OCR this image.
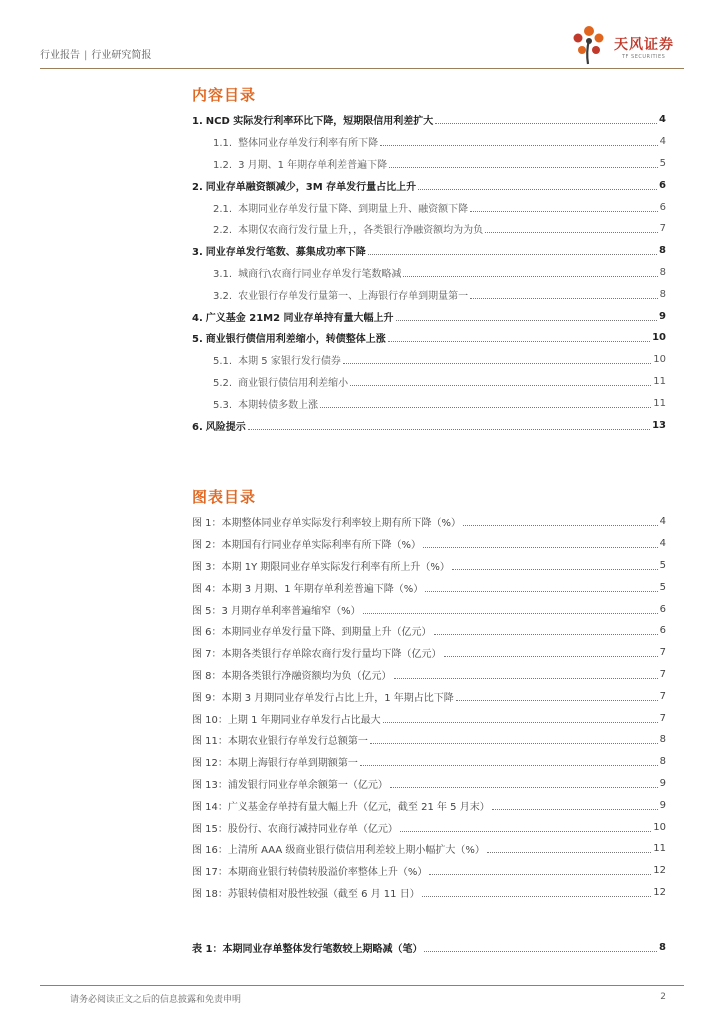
行业报告 | 行业研究简报
天风证券
TF SECURITIES
内容目录
1. NCD 实际发行利率环比下降，短期限信用利差扩大	4
1.1. 整体同业存单发行利率有所下降	4
1.2. 3 月期、1 年期存单利差普遍下降	5
2. 同业存单融资额减少，3M 存单发行量占比上升	6
2.1. 本期同业存单发行量下降、到期量上升、融资额下降	6
2.2. 本期仅农商行发行量上升，，各类银行净融资额均为为负	7
3. 同业存单发行笔数、募集成功率下降	8
3.1. 城商行\农商行同业存单发行笔数略减	8
3.2. 农业银行存单发行量第一、上海银行存单到期量第一	8
4. 广义基金 21M2 同业存单持有量大幅上升	9
5. 商业银行债信用利差缩小，转债整体上涨	10
5.1. 本期 5 家银行发行债券	10
5.2. 商业银行债信用利差缩小	11
5.3. 本期转债多数上涨	11
6. 风险提示	13
图表目录
图 1：本期整体同业存单实际发行利率较上期有所下降（%）	4
图 2：本期国有行同业存单实际利率有所下降（%）	4
图 3：本期 1Y 期限同业存单实际发行利率有所上升（%）	5
图 4：本期 3 月期、1 年期存单利差普遍下降（%）	5
图 5：3 月期存单利率普遍缩窄（%）	6
图 6：本期同业存单发行量下降、到期量上升（亿元）	6
图 7：本期各类银行存单除农商行发行量均下降（亿元）	7
图 8：本期各类银行净融资额均为负（亿元）	7
图 9：本期 3 月期同业存单发行占比上升，1 年期占比下降	7
图 10：上期 1 年期同业存单发行占比最大	7
图 11：本期农业银行存单发行总额第一	8
图 12：本期上海银行存单到期额第一	8
图 13：浦发银行同业存单余额第一（亿元）	9
图 14：广义基金存单持有量大幅上升（亿元，截至 21 年 5 月末）	9
图 15：股份行、农商行减持同业存单（亿元）	10
图 16：上清所 AAA 级商业银行债信用利差较上期小幅扩大（%）	11
图 17：本期商业银行转债转股溢价率整体上升（%）	12
图 18：苏银转债相对股性较强（截至 6 月 11 日）	12
表 1：本期同业存单整体发行笔数较上期略减（笔）	8
请务必阅读正文之后的信息披露和免责申明	2
